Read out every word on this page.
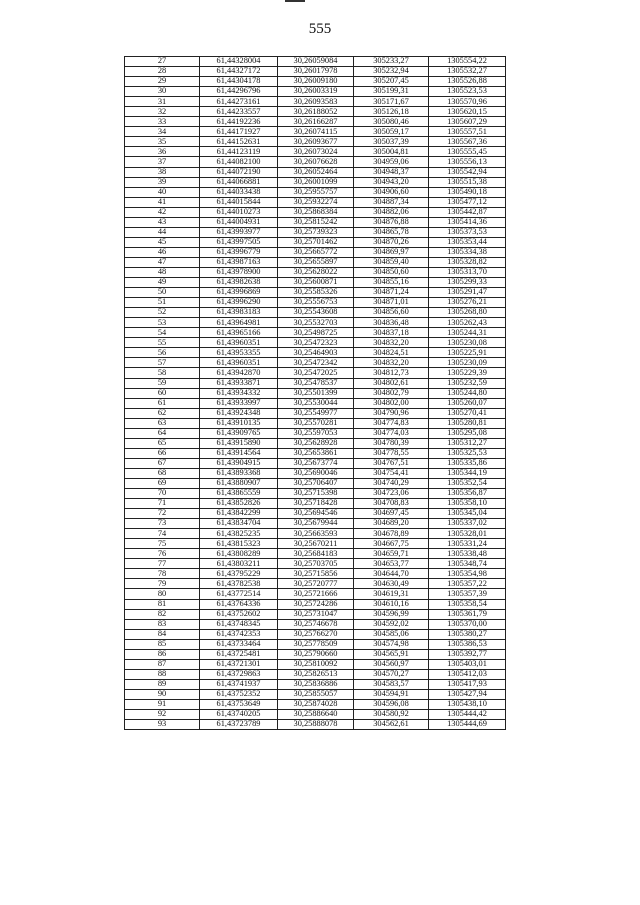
555
27	61,44328004	30,26059084	305233,27	1305554,22
28	61,44327172	30,26017978	305232,94	1305532,27
29	61,44304178	30,26009180	305207,45	1305526,88
30	61,44296796	30,26003319	305199,31	1305523,53
31	61,44273161	30,26093583	305171,67	1305570,96
32	61,44233557	30,26188052	305126,18	1305620,15
33	61,44192236	30,26166287	305080,46	1305607,29
34	61,44171927	30,26074115	305059,17	1305557,51
35	61,44152631	30,26093677	305037,39	1305567,36
36	61,44123119	30,26073024	305004,81	1305555,45
37	61,44082100	30,26076628	304959,06	1305556,13
38	61,44072190	30,26052464	304948,37	1305542,94
39	61,44066881	30,26001099	304943,20	1305515,38
40	61,44033438	30,25955757	304906,60	1305490,18
41	61,44015844	30,25932274	304887,34	1305477,12
42	61,44010273	30,25868384	304882,06	1305442,87
43	61,44004931	30,25815242	304876,88	1305414,36
44	61,43993977	30,25739323	304865,78	1305373,53
45	61,43997505	30,25701462	304870,26	1305353,44
46	61,43996779	30,25665772	304869,97	1305334,38
47	61,43987163	30,25655897	304859,40	1305328,82
48	61,43978900	30,25628022	304850,60	1305313,70
49	61,43982638	30,25600871	304855,16	1305299,33
50	61,43996869	30,25585326	304871,24	1305291,47
51	61,43996290	30,25556753	304871,01	1305276,21
52	61,43983183	30,25543608	304856,60	1305268,80
53	61,43964981	30,25532703	304836,48	1305262,43
54	61,43965166	30,25498725	304837,18	1305244,31
55	61,43960351	30,25472323	304832,20	1305230,08
56	61,43953355	30,25464903	304824,51	1305225,91
57	61,43960351	30,25472342	304832,20	1305230,09
58	61,43942870	30,25472025	304812,73	1305229,39
59	61,43933871	30,25478537	304802,61	1305232,59
60	61,43934332	30,25501399	304802,79	1305244,80
61	61,43933997	30,25530044	304802,00	1305260,07
62	61,43924348	30,25549977	304790,96	1305270,41
63	61,43910135	30,25570281	304774,83	1305280,81
64	61,43909765	30,25597053	304774,03	1305295,08
65	61,43915890	30,25628928	304780,39	1305312,27
66	61,43914564	30,25653861	304778,55	1305325,53
67	61,43904915	30,25673774	304767,51	1305335,86
68	61,43893368	30,25690046	304754,41	1305344,19
69	61,43880907	30,25706407	304740,29	1305352,54
70	61,43865559	30,25715398	304723,06	1305356,87
71	61,43852826	30,25718428	304708,83	1305358,10
72	61,43842299	30,25694546	304697,45	1305345,04
73	61,43834704	30,25679944	304689,20	1305337,02
74	61,43825235	30,25663593	304678,89	1305328,01
75	61,43815323	30,25670211	304667,75	1305331,24
76	61,43808289	30,25684183	304659,71	1305338,48
77	61,43803211	30,25703705	304653,77	1305348,74
78	61,43795229	30,25715856	304644,70	1305354,98
79	61,43782538	30,25720777	304630,49	1305357,22
80	61,43772514	30,25721666	304619,31	1305357,39
81	61,43764336	30,25724286	304610,16	1305358,54
82	61,43752602	30,25731047	304596,99	1305361,79
83	61,43748345	30,25746678	304592,02	1305370,00
84	61,43742353	30,25766270	304585,06	1305380,27
85	61,43733464	30,25778509	304574,98	1305386,53
86	61,43725481	30,25790660	304565,91	1305392,77
87	61,43721301	30,25810092	304560,97	1305403,01
88	61,43729863	30,25826513	304570,27	1305412,03
89	61,43741937	30,25836886	304583,57	1305417,93
90	61,43752352	30,25855057	304594,91	1305427,94
91	61,43753649	30,25874028	304596,08	1305438,10
92	61,43740205	30,25886640	304580,92	1305444,42
93	61,43723789	30,25888078	304562,61	1305444,69
